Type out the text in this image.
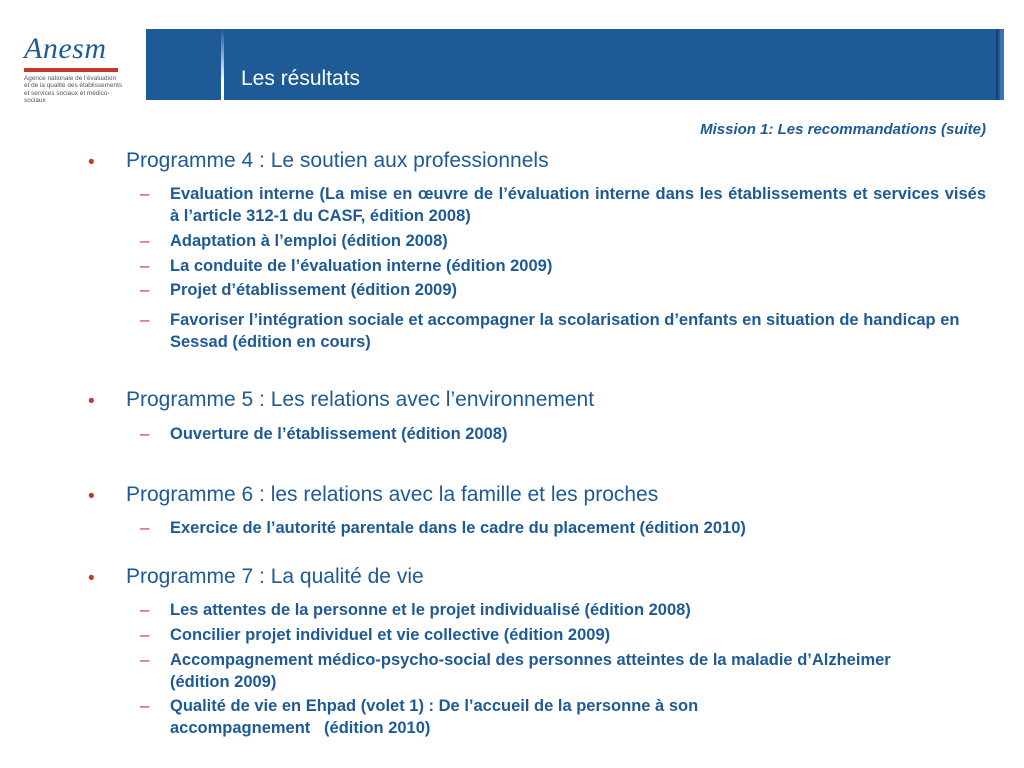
Anesm
Agence nationale de l’évaluation
et de la qualité des établissements
et services sociaux et médico-sociaux
Les résultats
Mission 1: Les recommandations (suite)
• Programme 4 : Le soutien aux professionnels
– Evaluation interne (La mise en œuvre de l’évaluation interne dans les établissements et services visés à l’article 312-1 du CASF, édition 2008)
– Adaptation à l’emploi (édition 2008)
– La conduite de l’évaluation interne (édition 2009)
– Projet d’établissement (édition 2009)
– Favoriser l’intégration sociale et accompagner la scolarisation d’enfants en situation de handicap en Sessad (édition en cours)
• Programme 5 : Les relations avec l’environnement
– Ouverture de l’établissement (édition 2008)
• Programme 6 : les relations avec la famille et les proches
– Exercice de l’autorité parentale dans le cadre du placement (édition 2010)
• Programme 7 : La qualité de vie
– Les attentes de la personne et le projet individualisé (édition 2008)
– Concilier projet individuel et vie collective (édition 2009)
– Accompagnement médico-psycho-social des personnes atteintes de la maladie d’Alzheimer (édition 2009)
– Qualité de vie en Ehpad (volet 1) : De l’accueil de la personne à son accompagnement   (édition 2010)
